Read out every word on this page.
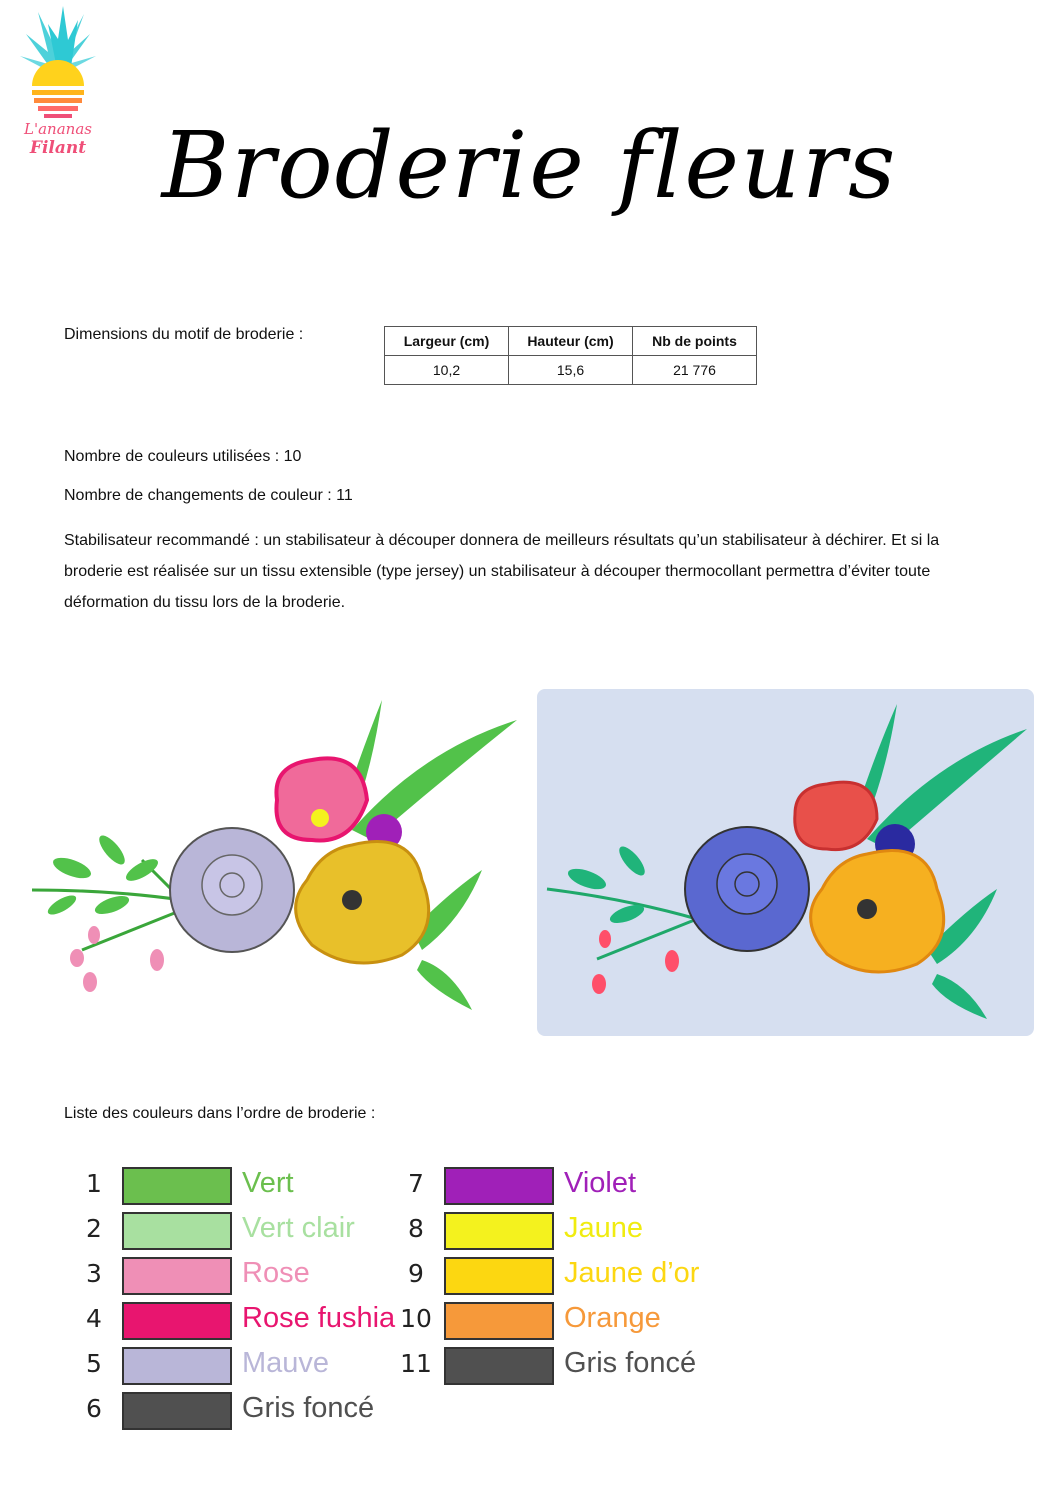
L'ananas
Filant Broderie fleurs
Dimensions du motif de broderie :	Largeur (cm)	Hauteur (cm)	Nb de points
10,2	15,6	21 776
Nombre de couleurs utilisées : 10
Nombre de changements de couleur : 11
Stabilisateur recommandé : un stabilisateur à découper donnera de meilleurs résultats qu’un stabilisateur à déchirer. Et si la broderie est réalisée sur un tissu extensible (type jersey) un stabilisateur à découper thermocollant permettra d’éviter toute déformation du tissu lors de la broderie.
Liste des couleurs dans l’ordre de broderie :
1	Vert
2	Vert clair
3	Rose
4	Rose fushia
5	Mauve
6	Gris foncé
7	Violet
8	Jaune
9	Jaune d’or
10	Orange
11	Gris foncé
